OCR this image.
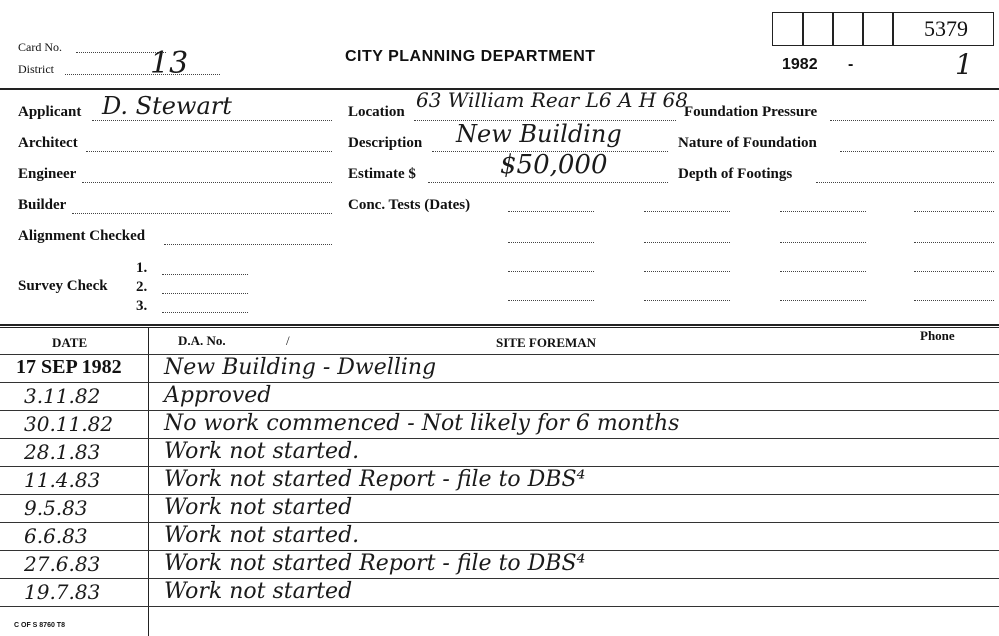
Card No.
District	13	CITY PLANNING DEPARTMENT
5379
1982 -	1
Applicant D. Stewart
Architect
Engineer
Builder
Alignment Checked
Survey Check
1.
2.
3.
Location 63 William Rear L6 A H 68
Description New Building
Estimate $	$50,000
Conc. Tests (Dates)
Foundation Pressure
Nature of Foundation
Depth of Footings
DATE	D.A. No.	/	SITE FOREMAN	Phone
17 SEP 1982 New Building - Dwelling
3.11.82	Approved
30.11.82 No work commenced - Not likely for 6 months
28.1.83	Work not started.
11.4.83	Work not started Report - file to DBS⁴
9.5.83	Work not started
6.6.83	Work not started.
27.6.83	Work not started Report - file to DBS⁴
19.7.83	Work not started
C OF S 8760 T8
